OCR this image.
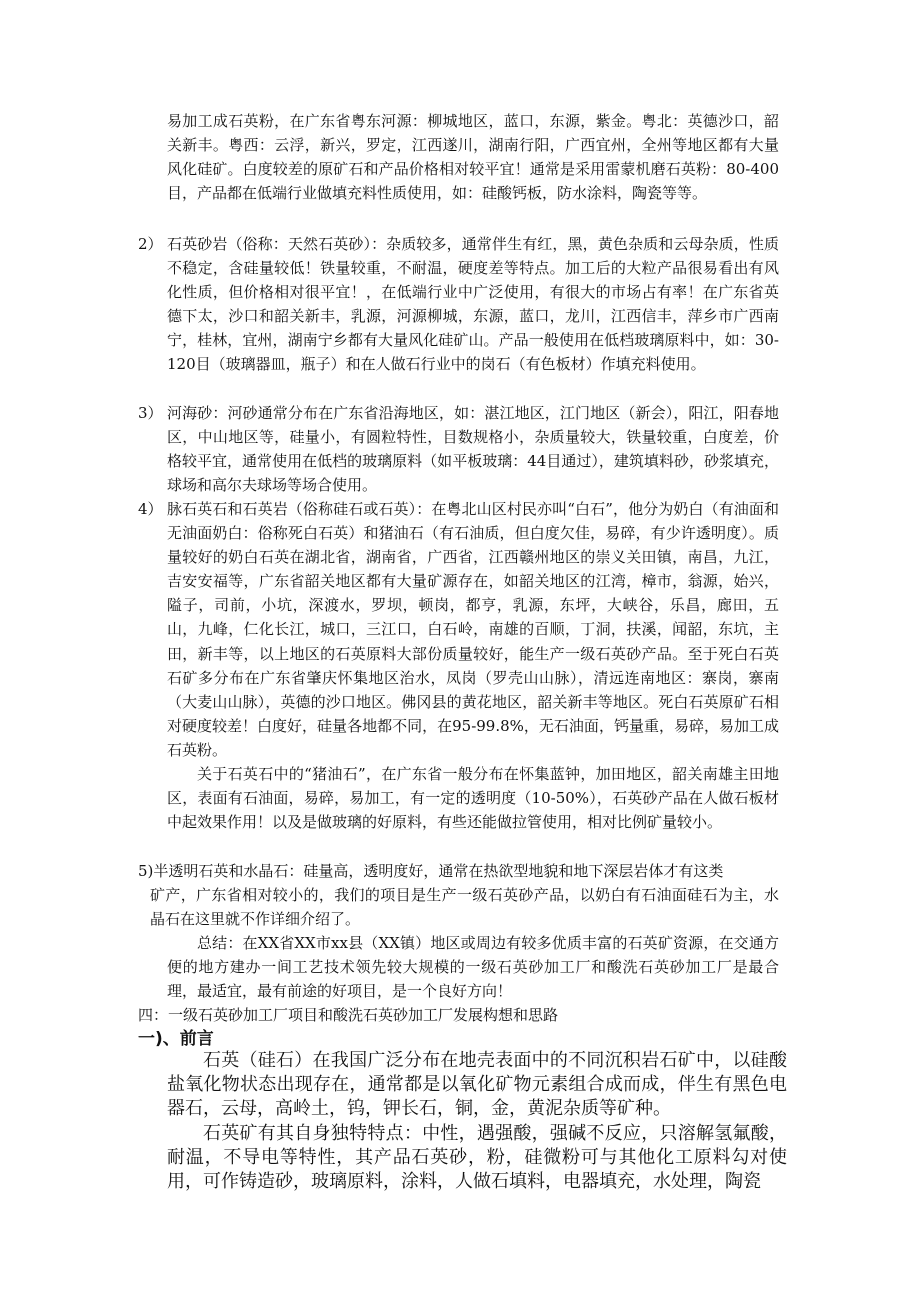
易加工成石英粉，在广东省粤东河源：柳城地区，蓝口，东源，紫金。粤北：英德沙口，韶关新丰。粤西：云浮，新兴，罗定，江西遂川，湖南行阳，广西宜州，全州等地区都有大量风化硅矿。白度较差的原矿石和产品价格相对较平宜！通常是采用雷蒙机磨石英粉：80-400目，产品都在低端行业做填充料性质使用，如：硅酸钙板，防水涂料，陶瓷等等。
2） 石英砂岩（俗称：天然石英砂）：杂质较多，通常伴生有红，黑，黄色杂质和云母杂质，性质不稳定，含硅量较低！铁量较重，不耐温，硬度差等特点。加工后的大粒产品很易看出有风化性质，但价格相对很平宜！，在低端行业中广泛使用，有很大的市场占有率！在广东省英德下太，沙口和韶关新丰，乳源，河源柳城，东源，蓝口，龙川，江西信丰，萍乡市广西南宁，桂林，宜州，湖南宁乡都有大量风化硅矿山。产品一般使用在低档玻璃原料中，如：30-120目（玻璃器皿，瓶子）和在人做石行业中的岗石（有色板材）作填充料使用。
3） 河海砂：河砂通常分布在广东省沿海地区，如：湛江地区，江门地区（新会），阳江，阳春地区，中山地区等，硅量小，有圆粒特性，目数规格小，杂质量较大，铁量较重，白度差，价格较平宜，通常使用在低档的玻璃原料（如平板玻璃：44目通过），建筑填料砂，砂浆填充，球场和高尔夫球场等场合使用。
4） 脉石英石和石英岩（俗称硅石或石英）：在粤北山区村民亦叫“白石”，他分为奶白（有油面和无油面奶白：俗称死白石英）和猪油石（有石油质，但白度欠佳，易碎，有少许透明度）。质量较好的奶白石英在湖北省，湖南省，广西省，江西赣州地区的崇义关田镇，南昌，九江，吉安安福等，广东省韶关地区都有大量矿源存在，如韶关地区的江湾，樟市，翁源，始兴，隘子，司前，小坑，深渡水，罗坝，顿岗，都亨，乳源，东坪，大峡谷，乐昌，廊田，五山，九峰，仁化长江，城口，三江口，白石岭，南雄的百顺，丁洞，扶溪，闻韶，东坑，主田，新丰等，以上地区的石英原料大部份质量较好，能生产一级石英砂产品。至于死白石英石矿多分布在广东省肇庆怀集地区治水，凤岗（罗壳山山脉），清远连南地区：寨岗，寨南（大麦山山脉），英德的沙口地区。佛冈县的黄花地区，韶关新丰等地区。死白石英原矿石相对硬度较差！白度好，硅量各地都不同，在95-99.8%，无石油面，钙量重，易碎，易加工成石英粉。
关于石英石中的“猪油石”，在广东省一般分布在怀集蓝钟，加田地区，韶关南雄主田地区，表面有石油面，易碎，易加工，有一定的透明度（10-50%），石英砂产品在人做石板材中起效果作用！以及是做玻璃的好原料，有些还能做拉管使用，相对比例矿量较小。
5)半透明石英和水晶石：硅量高，透明度好，通常在热欲型地貌和地下深层岩体才有这类
矿产，广东省相对较小的，我们的项目是生产一级石英砂产品，以奶白有石油面硅石为主，水晶石在这里就不作详细介绍了。
总结：在XX省XX市xx县（XX镇）地区或周边有较多优质丰富的石英矿资源，在交通方便的地方建办一间工艺技术领先较大规模的一级石英砂加工厂和酸洗石英砂加工厂是最合理，最适宜，最有前途的好项目，是一个良好方向！
四：一级石英砂加工厂项目和酸洗石英砂加工厂发展构想和思路
一)、前言
石英（硅石）在我国广泛分布在地壳表面中的不同沉积岩石矿中，以硅酸盐氧化物状态出现存在，通常都是以氧化矿物元素组合成而成，伴生有黑色电器石，云母，高岭土，钨，钾长石，铜，金，黄泥杂质等矿种。
石英矿有其自身独特特点：中性，遇强酸，强碱不反应，只溶解氢氟酸，耐温，不导电等特性，其产品石英砂，粉，硅微粉可与其他化工原料勾对使用，可作铸造砂，玻璃原料，涂料，人做石填料，电器填充，水处理，陶瓷
